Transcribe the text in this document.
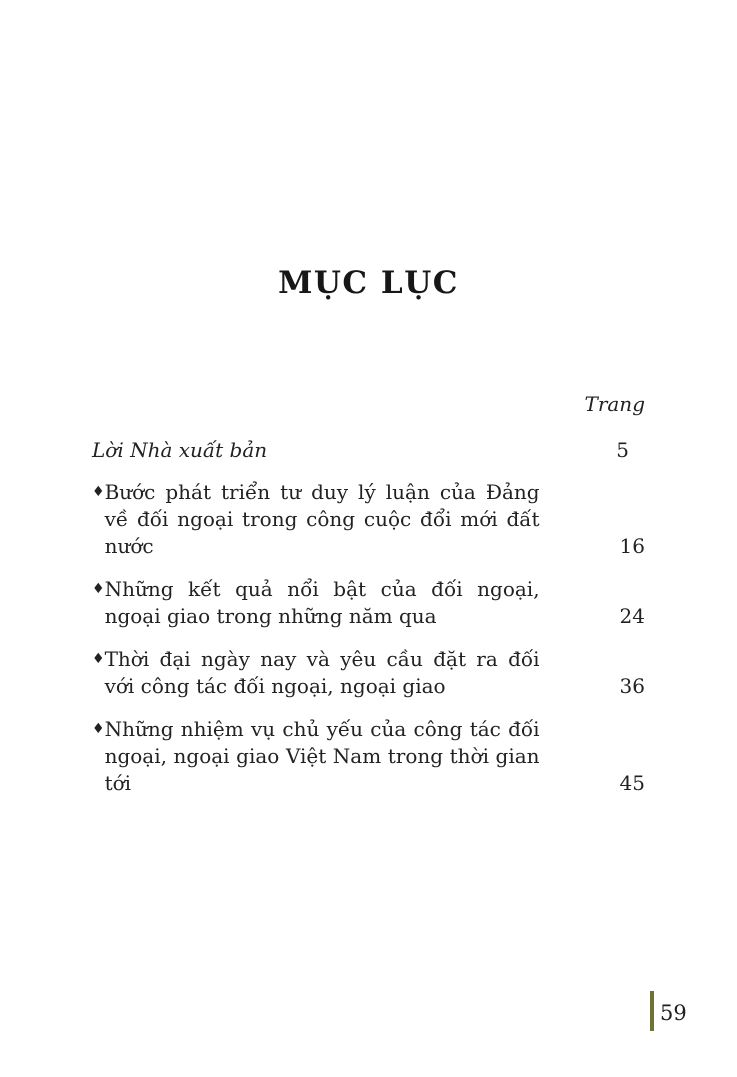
MỤC LỤC
Trang
Lời Nhà xuất bản	5
♦ Bước phát triển tư duy lý luận của Đảng về đối ngoại trong công cuộc đổi mới đất nước	16
♦ Những kết quả nổi bật của đối ngoại, ngoại giao trong những năm qua	24
♦ Thời đại ngày nay và yêu cầu đặt ra đối với công tác đối ngoại, ngoại giao	36
♦ Những nhiệm vụ chủ yếu của công tác đối ngoại, ngoại giao Việt Nam trong thời gian tới	45
59
